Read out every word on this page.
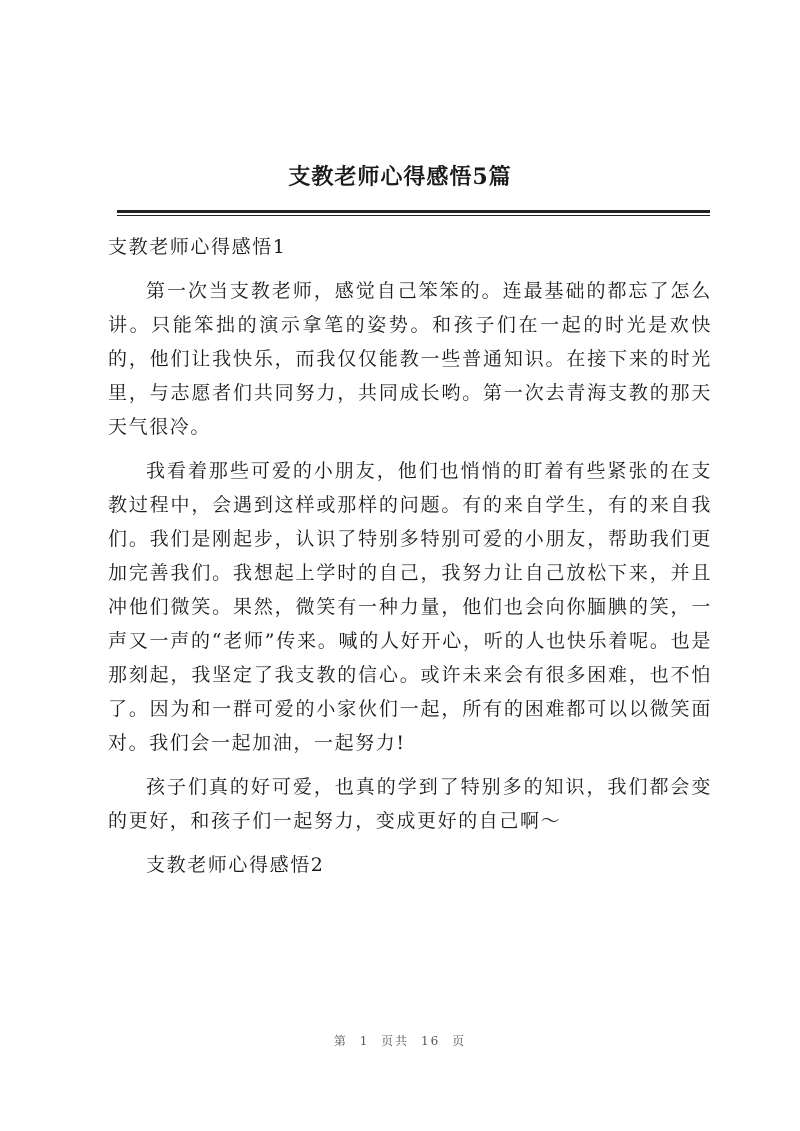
支教老师心得感悟5篇

支教老师心得感悟1

第一次当支教老师，感觉自己笨笨的。连最基础的都忘了怎么讲。只能笨拙的演示拿笔的姿势。和孩子们在一起的时光是欢快的，他们让我快乐，而我仅仅能教一些普通知识。在接下来的时光里，与志愿者们共同努力，共同成长哟。第一次去青海支教的那天天气很冷。

我看着那些可爱的小朋友，他们也悄悄的盯着有些紧张的在支教过程中，会遇到这样或那样的问题。有的来自学生，有的来自我们。我们是刚起步，认识了特别多特别可爱的小朋友，帮助我们更加完善我们。我想起上学时的自己，我努力让自己放松下来，并且冲他们微笑。果然，微笑有一种力量，他们也会向你腼腆的笑，一声又一声的“老师”传来。喊的人好开心，听的人也快乐着呢。也是那刻起，我坚定了我支教的信心。或许未来会有很多困难，也不怕了。因为和一群可爱的小家伙们一起，所有的困难都可以以微笑面对。我们会一起加油，一起努力!

孩子们真的好可爱，也真的学到了特别多的知识，我们都会变的更好，和孩子们一起努力，变成更好的自己啊～

支教老师心得感悟2

第 1 页共 16 页
